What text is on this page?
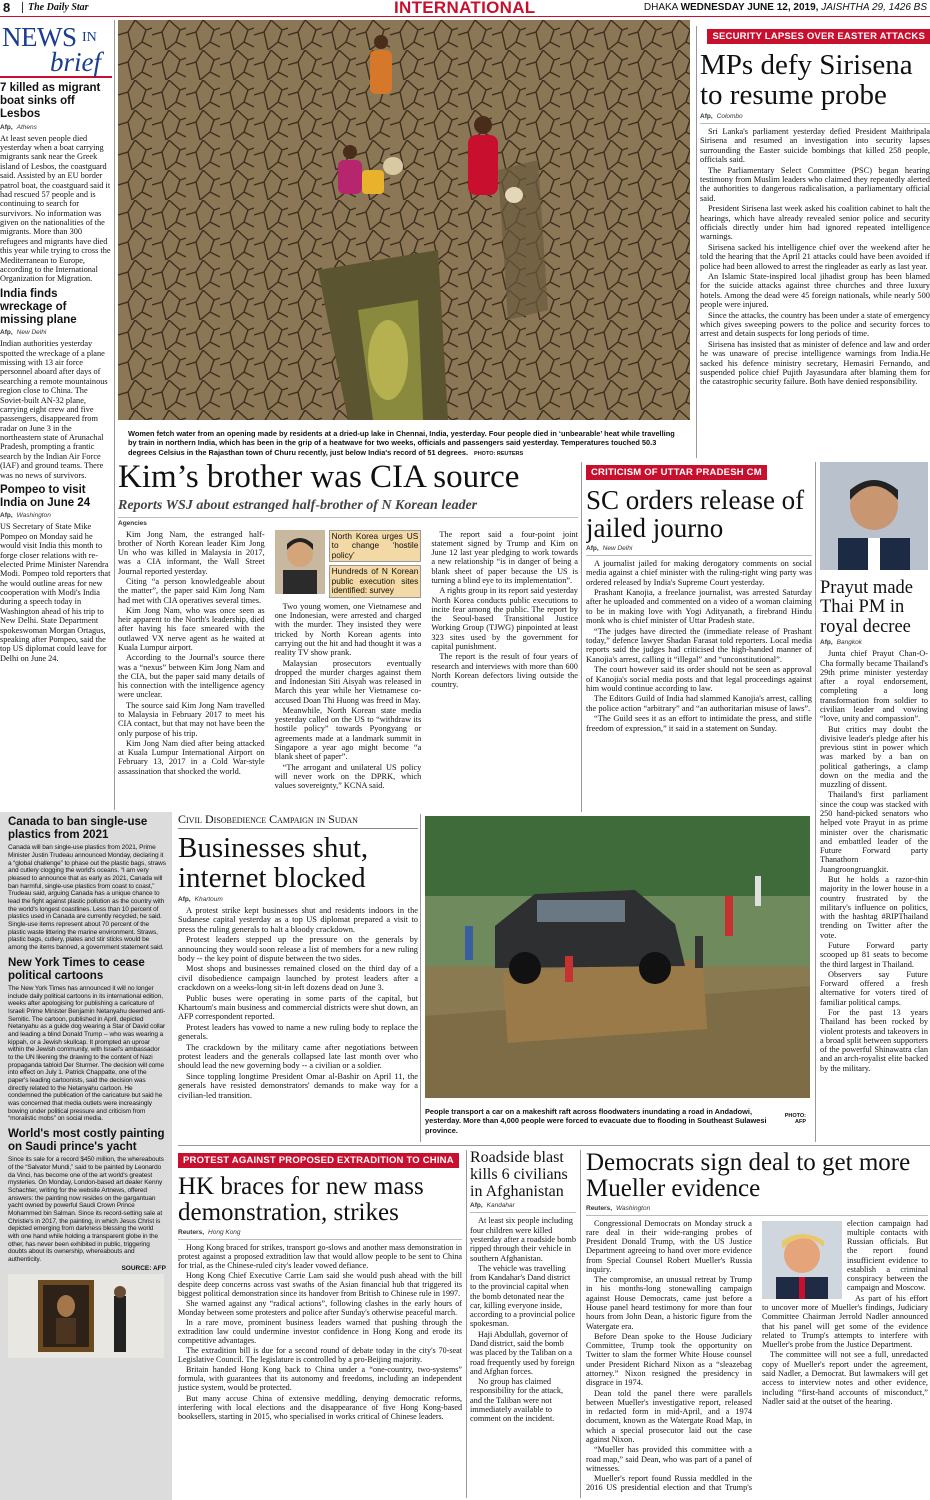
8	The Daily Star	INTERNATIONAL	DHAKA WEDNESDAY JUNE 12, 2019, JAISHTHA 29, 1426 BS
NEWS IN
brief
7 killed as migrant boat sinks off Lesbos
Afp, Athens
At least seven people died yesterday when a boat carrying migrants sank near the Greek island of Lesbos, the coastguard said. Assisted by an EU border patrol boat, the coastguard said it had rescued 57 people and is continuing to search for survivors. No information was given on the nationalities of the migrants. More than 300 refugees and migrants have died this year while trying to cross the Mediterranean to Europe, according to the International Organization for Migration.
India finds wreckage of missing plane
Afp, New Delhi
Indian authorities yesterday spotted the wreckage of a plane missing with 13 air force personnel aboard after days of searching a remote mountainous region close to China. The Soviet-built AN-32 plane, carrying eight crew and five passengers, disappeared from radar on June 3 in the northeastern state of Arunachal Pradesh, prompting a frantic search by the Indian Air Force (IAF) and ground teams. There was no news of survivors.
Pompeo to visit India on June 24
Afp, Washington
US Secretary of State Mike Pompeo on Monday said he would visit India this month to forge closer relations with re-elected Prime Minister Narendra Modi. Pompeo told reporters that he would outline areas for new cooperation with Modi's India during a speech today in Washington ahead of his trip to New Delhi. State Department spokeswoman Morgan Ortagus, speaking after Pompeo, said the top US diplomat could leave for Delhi on June 24.
Women fetch water from an opening made by residents at a dried-up lake in Chennai, India, yesterday. Four people died in ‘unbearable’ heat while travelling by train in northern India, which has been in the grip of a heatwave for two weeks, officials and passengers said yesterday. Temperatures touched 50.3 degrees Celsius in the Rajasthan town of Churu recently, just below India's record of 51 degrees. PHOTO: REUTERS
SECURITY LAPSES OVER EASTER ATTACKS
MPs defy Sirisena to resume probe
Afp, Colombo

Sri Lanka's parliament yesterday defied President Maithripala Sirisena and resumed an investigation into security lapses surrounding the Easter suicide bombings that killed 258 people, officials said.

The Parliamentary Select Committee (PSC) began hearing testimony from Muslim leaders who claimed they repeatedly alerted the authorities to dangerous radicalisation, a parliamentary official said.

President Sirisena last week asked his coalition cabinet to halt the hearings, which have already revealed senior police and security officials directly under him had ignored repeated intelligence warnings.

Sirisena sacked his intelligence chief over the weekend after he told the hearing that the April 21 attacks could have been avoided if police had been allowed to arrest the ringleader as early as last year.

An Islamic State-inspired local jihadist group has been blamed for the suicide attacks against three churches and three luxury hotels. Among the dead were 45 foreign nationals, while nearly 500 people were injured.

Since the attacks, the country has been under a state of emergency which gives sweeping powers to the police and security forces to arrest and detain suspects for long periods of time.

Sirisena has insisted that as minister of defence and law and order he was unaware of precise intelligence warnings from India.He sacked his defence ministry secretary, Hemasiri Fernando, and suspended police chief Pujith Jayasundara after blaming them for the catastrophic security failure. Both have denied responsibility.

Kim’s brother was CIA source
Reports WSJ about estranged half-brother of N Korean leader
Agencies

Kim Jong Nam, the estranged half-brother of North Korean leader Kim Jong Un who was killed in Malaysia in 2017, was a CIA informant, the Wall Street Journal reported yesterday.

Citing “a person knowledgeable about the matter”, the paper said Kim Jong Nam had met with CIA operatives several times.

Kim Jong Nam, who was once seen as heir apparent to the North's leadership, died after having his face smeared with the outlawed VX nerve agent as he waited at Kuala Lumpur airport.

According to the Journal's source there was a “nexus” between Kim Jong Nam and the CIA, but the paper said many details of his connection with the intelligence agency were unclear.

The source said Kim Jong Nam travelled to Malaysia in February 2017 to meet his CIA contact, but that may not have been the only purpose of his trip.

Kim Jong Nam died after being attacked at Kuala Lumpur International Airport on February 13, 2017 in a Cold War-style assassination that shocked the world.

North Korea urges US to change ‘hostile policy’
Hundreds of N Korean public execution sites identified: survey

Two young women, one Vietnamese and one Indonesian, were arrested and charged with the murder. They insisted they were tricked by North Korean agents into carrying out the hit and had thought it was a reality TV show prank.

Malaysian prosecutors eventually dropped the murder charges against them and Indonesian Siti Aisyah was released in March this year while her Vietnamese co-accused Doan Thi Huong was freed in May.

Meanwhile, North Korean state media yesterday called on the US to “withdraw its hostile policy” towards Pyongyang or agreements made at a landmark summit in Singapore a year ago might become “a blank sheet of paper”.

“The arrogant and unilateral US policy will never work on the DPRK, which values sovereignty,” KCNA said.

The report said a four-point joint statement signed by Trump and Kim on June 12 last year pledging to work towards a new relationship “is in danger of being a blank sheet of paper because the US is turning a blind eye to its implementation”.

A rights group in its report said yesterday North Korea conducts public executions to incite fear among the public. The report by the Seoul-based Transitional Justice Working Group (TJWG) pinpointed at least 323 sites used by the government for capital punishment.

The report is the result of four years of research and interviews with more than 600 North Korean defectors living outside the country.

CRITICISM OF UTTAR PRADESH CM
SC orders release of jailed journo
Afp, New Delhi

A journalist jailed for making derogatory comments on social media against a chief minister with the ruling-right wing party was ordered released by India's Supreme Court yesterday.

Prashant Kanojia, a freelance journalist, was arrested Saturday after he uploaded and commented on a video of a woman claiming to be in making love with Yogi Adityanath, a firebrand Hindu monk who is chief minister of Uttar Pradesh state.

“The judges have directed the (immediate release of Prashant today,” defence lawyer Shadan Farasat told reporters. Local media reports said the judges had criticised the high-handed manner of Kanojia's arrest, calling it “illegal” and “unconstitutional”.

The court however said its order should not be seen as approval of Kanojia's social media posts and that legal proceedings against him would continue according to law.

The Editors Guild of India had slammed Kanojia's arrest, calling the police action “arbitrary” and “an authoritarian misuse of laws”.

“The Guild sees it as an effort to intimidate the press, and stifle freedom of expression,” it said in a statement on Sunday.

Prayut made Thai PM in royal decree
Afp, Bangkok

Junta chief Prayut Chan-O-Cha formally became Thailand's 29th prime minister yesterday after a royal endorsement, completing a long transformation from soldier to civilian leader and vowing “love, unity and compassion”.

But critics may doubt the divisive leader's pledge after his previous stint in power which was marked by a ban on political gatherings, a clamp down on the media and the muzzling of dissent.

Thailand's first parliament since the coup was stacked with 250 hand-picked senators who helped vote Prayut in as prime minister over the charismatic and embattled leader of the Future Forward party Thanathorn Juangroongruangkit.

But he holds a razor-thin majority in the lower house in a country frustrated by the military's influence on politics, with the hashtag #RIPThailand trending on Twitter after the vote.

Future Forward party scooped up 81 seats to become the third largest in Thailand.

Observers say Future Forward offered a fresh alternative for voters tired of familiar political camps.

For the past 13 years Thailand has been rocked by violent protests and takeovers in a broad split between supporters of the powerful Shinawatra clan and an arch-royalist elite backed by the military.

Canada to ban single-use plastics from 2021
Canada will ban single-use plastics from 2021, Prime Minister Justin Trudeau announced Monday, declaring it a “global challenge” to phase out the plastic bags, straws and cutlery clogging the world's oceans. “I am very pleased to announce that as early as 2021, Canada will ban harmful, single-use plastics from coast to coast,” Trudeau said, arguing Canada has a unique chance to lead the fight against plastic pollution as the country with the world's longest coastlines. Less than 10 percent of plastics used in Canada are currently recycled, he said. Single-use items represent about 70 percent of the plastic waste littering the marine environment. Straws, plastic bags, cutlery, plates and stir sticks would be among the items banned, a government statement said.
New York Times to cease political cartoons
The New York Times has announced it will no longer include daily political cartoons in its international edition, weeks after apologising for publishing a caricature of Israeli Prime Minister Benjamin Netanyahu deemed anti-Semitic. The cartoon, published in April, depicted Netanyahu as a guide dog wearing a Star of David collar and leading a blind Donald Trump -- who was wearing a kippah, or a Jewish skullcap. It prompted an uproar within the Jewish community, with Israel's ambassador to the UN likening the drawing to the content of Nazi propaganda tabloid Der Sturmer. The decision will come into effect on July 1. Patrick Chappatte, one of the paper's leading cartoonists, said the decision was directly related to the Netanyahu cartoon. He condemned the publication of the caricature but said he was concerned that media outlets were increasingly bowing under political pressure and criticism from “moralistic mobs” on social media.
World's most costly painting on Saudi prince's yacht
Since its sale for a record $450 million, the whereabouts of the “Salvator Mundi,” said to be painted by Leonardo da Vinci, has become one of the art world's greatest mysteries. On Monday, London-based art dealer Kenny Schachter, writing for the website Artnews, offered answers: the painting now resides on the gargantuan yacht owned by powerful Saudi Crown Prince Mohammed bin Salman. Since its record-setting sale at Christie's in 2017, the painting, in which Jesus Christ is depicted emerging from darkness blessing the world with one hand while holding a transparent globe in the other, has never been exhibited in public, triggering doubts about its ownership, whereabouts and authenticity.
SOURCE: AFP
Civil Disobedience Campaign in Sudan
Businesses shut, internet blocked
Afp, Khartoum

A protest strike kept businesses shut and residents indoors in the Sudanese capital yesterday as a top US diplomat prepared a visit to press the ruling generals to halt a bloody crackdown.

Protest leaders stepped up the pressure on the generals by announcing they would soon release a list of members for a new ruling body -- the key point of dispute between the two sides.

Most shops and businesses remained closed on the third day of a civil disobedience campaign launched by protest leaders after a crackdown on a weeks-long sit-in left dozens dead on June 3.

Public buses were operating in some parts of the capital, but Khartoum's main business and commercial districts were shut down, an AFP correspondent reported.

Protest leaders has vowed to name a new ruling body to replace the generals.

The crackdown by the military came after negotiations between protest leaders and the generals collapsed late last month over who should lead the new governing body -- a civilian or a soldier.

Since toppling longtime President Omar al-Bashir on April 11, the generals have resisted demonstrators' demands to make way for a civilian-led transition.

People transport a car on a makeshift raft across floodwaters inundating a road in Andadowi, yesterday. More than 4,000 people were forced to evacuate due to flooding in Southeast Sulawesi province.
PHOTO:
AFP
PROTEST AGAINST PROPOSED EXTRADITION TO CHINA
HK braces for new mass demonstration, strikes
Reuters, Hong Kong

Hong Kong braced for strikes, transport go-slows and another mass demonstration in protest against a proposed extradition law that would allow people to be sent to China for trial, as the Chinese-ruled city's leader vowed defiance.

Hong Kong Chief Executive Carrie Lam said she would push ahead with the bill despite deep concerns across vast swaths of the Asian financial hub that triggered its biggest political demonstration since its handover from British to Chinese rule in 1997.

She warned against any “radical actions”, following clashes in the early hours of Monday between some protesters and police after Sunday's otherwise peaceful march.

In a rare move, prominent business leaders warned that pushing through the extradition law could undermine investor confidence in Hong Kong and erode its competitive advantages.

The extradition bill is due for a second round of debate today in the city's 70-seat Legislative Council. The legislature is controlled by a pro-Beijing majority.

Britain handed Hong Kong back to China under a “one-country, two-systems” formula, with guarantees that its autonomy and freedoms, including an independent justice system, would be protected.

But many accuse China of extensive meddling, denying democratic reforms, interfering with local elections and the disappearance of five Hong Kong-based booksellers, starting in 2015, who specialised in works critical of Chinese leaders.

Roadside blast kills 6 civilians in Afghanistan
Afp, Kandahar

At least six people including four children were killed yesterday after a roadside bomb ripped through their vehicle in southern Afghanistan.

The vehicle was travelling from Kandahar's Dand district to the provincial capital when the bomb detonated near the car, killing everyone inside, according to a provincial police spokesman.

Haji Abdullah, governor of Dand district, said the bomb was placed by the Taliban on a road frequently used by foreign and Afghan forces.

No group has claimed responsibility for the attack, and the Taliban were not immediately available to comment on the incident.

Democrats sign deal to get more Mueller evidence
Reuters, Washington

Congressional Democrats on Monday struck a rare deal in their wide-ranging probes of President Donald Trump, with the US Justice Department agreeing to hand over more evidence from Special Counsel Robert Mueller's Russia inquiry.

The compromise, an unusual retreat by Trump in his months-long stonewalling campaign against House Democrats, came just before a House panel heard testimony for more than four hours from John Dean, a historic figure from the Watergate era.

Before Dean spoke to the House Judiciary Committee, Trump took the opportunity on Twitter to slam the former White House counsel under President Richard Nixon as a “sleazebag attorney.” Nixon resigned the presidency in disgrace in 1974.

Dean told the panel there were parallels between Mueller's investigative report, released in redacted form in mid-April, and a 1974 document, known as the Watergate Road Map, in which a special prosecutor laid out the case against Nixon.

“Mueller has provided this committee with a road map,” said Dean, who was part of a panel of witnesses.

Mueller's report found Russia meddled in the 2016 US presidential election and that Trump's election campaign had multiple contacts with Russian officials. But the report found insufficient evidence to establish a criminal conspiracy between the campaign and Moscow.

As part of his effort to uncover more of Mueller's findings, Judiciary Committee Chairman Jerrold Nadler announced that his panel will get some of the evidence related to Trump's attempts to interfere with Mueller's probe from the Justice Department.

The committee will not see a full, unredacted copy of Mueller's report under the agreement, said Nadler, a Democrat. But lawmakers will get access to interview notes and other evidence, including “first-hand accounts of misconduct,” Nadler said at the outset of the hearing.
